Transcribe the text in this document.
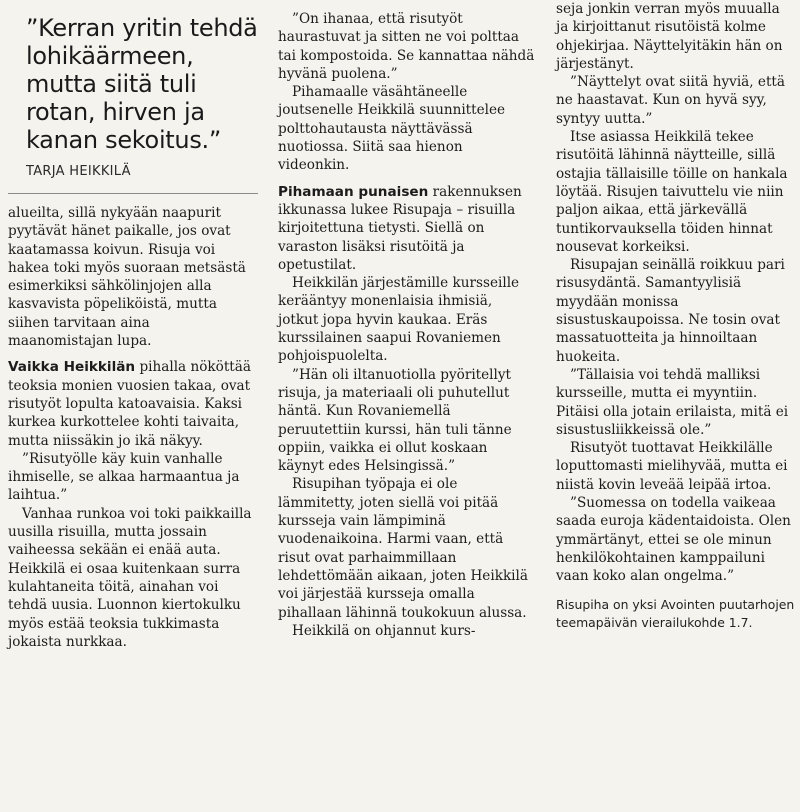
”Kerran yritin tehdä lohikäärmeen, mutta siitä tuli rotan, hirven ja kanan sekoitus.”
TARJA HEIKKILÄ

alueilta, sillä nykyään naapurit pyytävät hänet paikalle, jos ovat kaatamassa koivun. Risuja voi hakea toki myös suoraan metsästä esimerkiksi sähkölinjojen alla kasvavista pöpeliköistä, mutta siihen tarvitaan aina maanomistajan lupa.

Vaikka Heikkilän pihalla nököttää teoksia monien vuosien takaa, ovat risutyöt lopulta katoavaisia. Kaksi kurkea kurkottelee kohti taivaita, mutta niissäkin jo ikä näkyy.

”Risutyölle käy kuin vanhalle ihmiselle, se alkaa harmaantua ja laihtua.”

Vanhaa runkoa voi toki paikkailla uusilla risuilla, mutta jossain vaiheessa sekään ei enää auta. Heikkilä ei osaa kuitenkaan surra kulahtaneita töitä, ainahan voi tehdä uusia. Luonnon kiertokulku myös estää teoksia tukkimasta jokaista nurkkaa.

”On ihanaa, että risutyöt haurastuvat ja sitten ne voi polttaa tai kompostoida. Se kannattaa nähdä hyvänä puolena.”

Pihamaalle väsähtäneelle joutsenelle Heikkilä suunnittelee polttohautausta näyttävässä nuotiossa. Siitä saa hienon videonkin.

Pihamaan punaisen rakennuksen ikkunassa lukee Risupaja – risuilla kirjoitettuna tietysti. Siellä on varaston lisäksi risutöitä ja opetustilat.

Heikkilän järjestämille kursseille kerääntyy monenlaisia ihmisiä, jotkut jopa hyvin kaukaa. Eräs kurssilainen saapui Rovaniemen pohjoispuolelta.

”Hän oli iltanuotiolla pyöritellyt risuja, ja materiaali oli puhutellut häntä. Kun Rovaniemellä peruutettiin kurssi, hän tuli tänne oppiin, vaikka ei ollut koskaan käynyt edes Helsingissä.”

Risupihan työpaja ei ole lämmitetty, joten siellä voi pitää kursseja vain lämpiminä vuodenaikoina. Harmi vaan, että risut ovat parhaimmillaan lehdettömään aikaan, joten Heikkilä voi järjestää kursseja omalla pihallaan lähinnä toukokuun alussa.

Heikkilä on ohjannut kurs-

seja jonkin verran myös muualla ja kirjoittanut risutöistä kolme ohjekirjaa. Näyttelyitäkin hän on järjestänyt.

”Näyttelyt ovat siitä hyviä, että ne haastavat. Kun on hyvä syy, syntyy uutta.”

Itse asiassa Heikkilä tekee risutöitä lähinnä näytteille, sillä ostajia tällaisille töille on hankala löytää. Risujen taivuttelu vie niin paljon aikaa, että järkevällä tuntikorvauksella töiden hinnat nousevat korkeiksi.

Risupajan seinällä roikkuu pari risusydäntä. Samantyylisiä myydään monissa sisustuskaupoissa. Ne tosin ovat massatuotteita ja hinnoiltaan huokeita.

”Tällaisia voi tehdä malliksi kursseille, mutta ei myyntiin. Pitäisi olla jotain erilaista, mitä ei sisustusliikkeissä ole.”

Risutyöt tuottavat Heikkilälle loputtomasti mielihyvää, mutta ei niistä kovin leveää leipää irtoa.

”Suomessa on todella vaikeaa saada euroja kädentaidoista. Olen ymmärtänyt, ettei se ole minun henkilökohtainen kamppailuni vaan koko alan ongelma.”

Risupiha on yksi Avointen puutarhojen teemapäivän vierailukohde 1.7.
